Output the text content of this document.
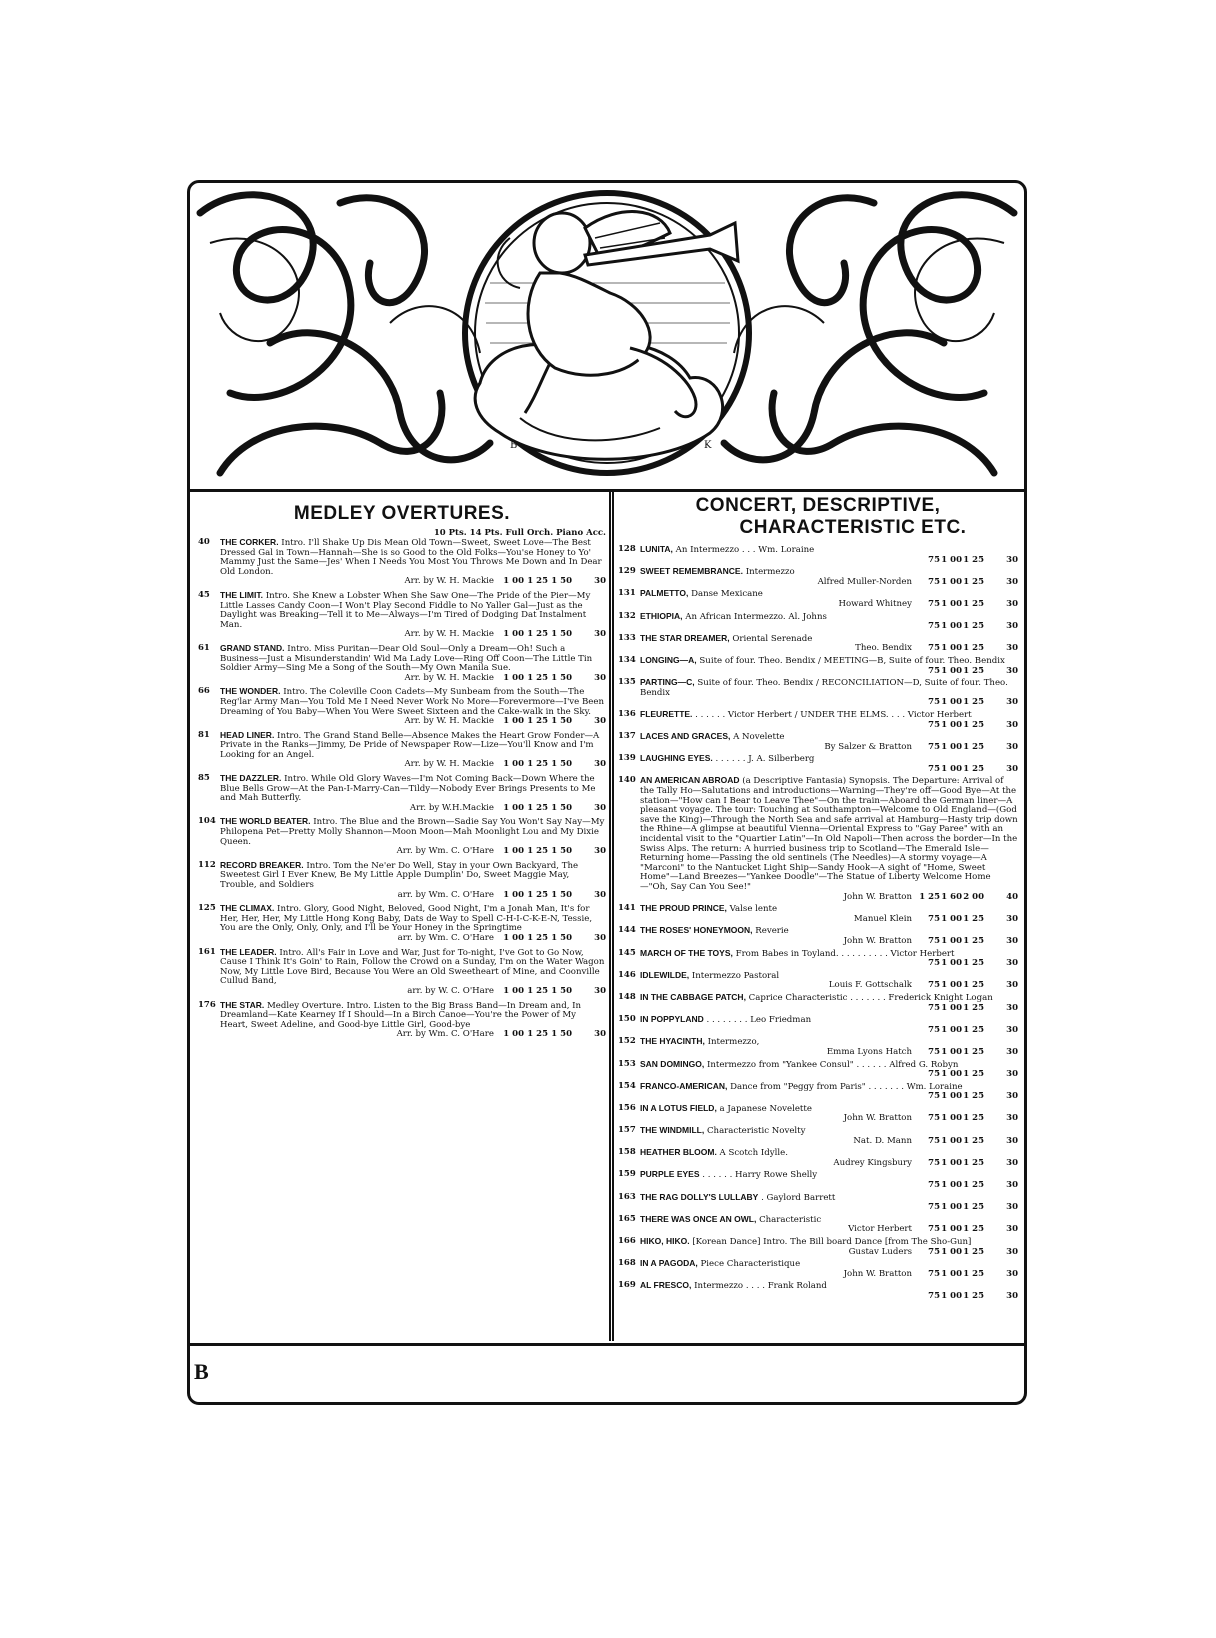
B	K
MEDLEY OVERTURES.
10 Pts. 14 Pts. Full Orch. Piano Acc.
40	THE CORKER. Intro. I'll Shake Up Dis Mean Old Town—Sweet, Sweet Love—The Best Dressed Gal in Town—Hannah—She is so Good to the Old Folks—You'se Honey to Yo' Mammy Just the Same—Jes' When I Needs You Most You Throws Me Down and In Dear Old London.
Arr. by W. H. Mackie	1 00 1 25 1 50	30
45	THE LIMIT. Intro. She Knew a Lobster When She Saw One—The Pride of the Pier—My Little Lasses Candy Coon—I Won't Play Second Fiddle to No Yaller Gal—Just as the Daylight was Breaking—Tell it to Me—Always—I'm Tired of Dodging Dat Instalment Man.
Arr. by W. H. Mackie	1 00 1 25 1 50	30
61	GRAND STAND. Intro. Miss Puritan—Dear Old Soul—Only a Dream—Oh! Such a Business—Just a Misunderstandin' Wid Ma Lady Love—Ring Off Coon—The Little Tin Soldier Army—Sing Me a Song of the South—My Own Manila Sue.
Arr. by W. H. Mackie	1 00 1 25 1 50	30
66	THE WONDER. Intro. The Coleville Coon Cadets—My Sunbeam from the South—The Reg'lar Army Man—You Told Me I Need Never Work No More—Forevermore—I've Been Dreaming of You Baby—When You Were Sweet Sixteen and the Cake-walk in the Sky.
Arr. by W. H. Mackie	1 00 1 25 1 50	30
81	HEAD LINER. Intro. The Grand Stand Belle—Absence Makes the Heart Grow Fonder—A Private in the Ranks—Jimmy, De Pride of Newspaper Row—Lize—You'll Know and I'm Looking for an Angel.
Arr. by W. H. Mackie	1 00 1 25 1 50	30
85	THE DAZZLER. Intro. While Old Glory Waves—I'm Not Coming Back—Down Where the Blue Bells Grow—At the Pan-I-Marry-Can—Tildy—Nobody Ever Brings Presents to Me and Mah Butterfly.
Arr. by W.H.Mackie	1 00 1 25 1 50	30
104 THE WORLD BEATER. Intro. The Blue and the Brown—Sadie Say You Won't Say Nay—My Philopena Pet—Pretty Molly Shannon—Moon Moon—Mah Moonlight Lou and My Dixie Queen.
Arr. by Wm. C. O'Hare	1 00 1 25 1 50	30
112 RECORD BREAKER. Intro. Tom the Ne'er Do Well, Stay in your Own Backyard, The Sweetest Girl I Ever Knew, Be My Little Apple Dumplin' Do, Sweet Maggie May, Trouble, and Soldiers
arr. by Wm. C. O'Hare	1 00 1 25 1 50	30
125 THE CLIMAX. Intro. Glory, Good Night, Beloved, Good Night, I'm a Jonah Man, It's for Her, Her, Her, My Little Hong Kong Baby, Dats de Way to Spell C-H-I-C-K-E-N, Tessie, You are the Only, Only, Only, and I'll be Your Honey in the Springtime
arr. by Wm. C. O'Hare	1 00 1 25 1 50	30
161 THE LEADER. Intro. All's Fair in Love and War, Just for To-night, I've Got to Go Now, Cause I Think It's Goin' to Rain, Follow the Crowd on a Sunday, I'm on the Water Wagon Now, My Little Love Bird, Because You Were an Old Sweetheart of Mine, and Coonville Cullud Band,
arr. by W. C. O'Hare	1 00 1 25 1 50	30
176 THE STAR. Medley Overture. Intro. Listen to the Big Brass Band—In Dream and, In Dreamland—Kate Kearney If I Should—In a Birch Canoe—You're the Power of My Heart, Sweet Adeline, and Good-bye Little Girl, Good-bye
Arr. by Wm. C. O'Hare	1 00 1 25 1 50	30
CONCERT, DESCRIPTIVE,
CHARACTERISTIC ETC.
128 LUNITA, An Intermezzo . . . Wm. Loraine
75 1 00 1 25	30
129 SWEET REMEMBRANCE. Intermezzo
Alfred Muller-Norden	75 1 00 1 25	30
131 PALMETTO, Danse Mexicane
Howard Whitney	75 1 00 1 25	30
132 ETHIOPIA, An African Intermezzo. Al. Johns
75 1 00 1 25	30
133 THE STAR DREAMER, Oriental Serenade
Theo. Bendix	75 1 00 1 25	30
134 LONGING—A, Suite of four. Theo. Bendix / MEETING—B, Suite of four. Theo. Bendix
75 1 00 1 25	30
135 PARTING—C, Suite of four. Theo. Bendix / RECONCILIATION—D, Suite of four. Theo. Bendix
75 1 00 1 25	30
136 FLEURETTE. . . . . . . Victor Herbert / UNDER THE ELMS. . . . Victor Herbert
75 1 00 1 25	30
137 LACES AND GRACES, A Novelette
By Salzer & Bratton	75 1 00 1 25	30
139 LAUGHING EYES. . . . . . . J. A. Silberberg
75 1 00 1 25	30
140 AN AMERICAN ABROAD (a Descriptive Fantasia) Synopsis. The Departure: Arrival of the Tally Ho—Salutations and introductions—Warning—They're off—Good Bye—At the station—"How can I Bear to Leave Thee"—On the train—Aboard the German liner—A pleasant voyage. The tour: Touching at Southampton—Welcome to Old England—(God save the King)—Through the North Sea and safe arrival at Hamburg—Hasty trip down the Rhine—A glimpse at beautiful Vienna—Oriental Express to "Gay Paree" with an incidental visit to the "Quartier Latin"—In Old Napoli—Then across the border—In the Swiss Alps. The return: A hurried business trip to Scotland—The Emerald Isle—Returning home—Passing the old sentinels (The Needles)—A stormy voyage—A "Marconi" to the Nantucket Light Ship—Sandy Hook—A sight of "Home, Sweet Home"—Land Breezes—"Yankee Doodle"—The Statue of Liberty Welcome Home—"Oh, Say Can You See!"
John W. Bratton 1 25 1 60 2 00	40
141 THE PROUD PRINCE, Valse lente
Manuel Klein	75 1 00 1 25	30
144 THE ROSES' HONEYMOON, Reverie
John W. Bratton	75 1 00 1 25	30
145 MARCH OF THE TOYS, From Babes in Toyland. . . . . . . . . . Victor Herbert
75 1 00 1 25	30
146 IDLEWILDE, Intermezzo Pastoral
Louis F. Gottschalk	75 1 00 1 25	30
148 IN THE CABBAGE PATCH, Caprice Characteristic . . . . . . . Frederick Knight Logan
75 1 00 1 25	30
150 IN POPPYLAND . . . . . . . . Leo Friedman
75 1 00 1 25	30
152 THE HYACINTH, Intermezzo,
Emma Lyons Hatch	75 1 00 1 25	30
153 SAN DOMINGO, Intermezzo from "Yankee Consul" . . . . . . Alfred G. Robyn
75 1 00 1 25	30
154 FRANCO-AMERICAN, Dance from "Peggy from Paris" . . . . . . . Wm. Loraine
75 1 00 1 25	30
156 IN A LOTUS FIELD, a Japanese Novelette
John W. Bratton	75 1 00 1 25	30
157 THE WINDMILL, Characteristic Novelty
Nat. D. Mann	75 1 00 1 25	30
158 HEATHER BLOOM. A Scotch Idylle.
Audrey Kingsbury	75 1 00 1 25	30
159 PURPLE EYES . . . . . . Harry Rowe Shelly
75 1 00 1 25	30
163 THE RAG DOLLY'S LULLABY . Gaylord Barrett
75 1 00 1 25	30
165 THERE WAS ONCE AN OWL, Characteristic
Victor Herbert	75 1 00 1 25	30
166 HIKO, HIKO. [Korean Dance] Intro. The Bill board Dance [from The Sho-Gun]
Gustav Luders	75 1 00 1 25	30
168 IN A PAGODA, Piece Characteristique
John W. Bratton	75 1 00 1 25	30
169 AL FRESCO, Intermezzo . . . . Frank Roland
75 1 00 1 25	30
B
